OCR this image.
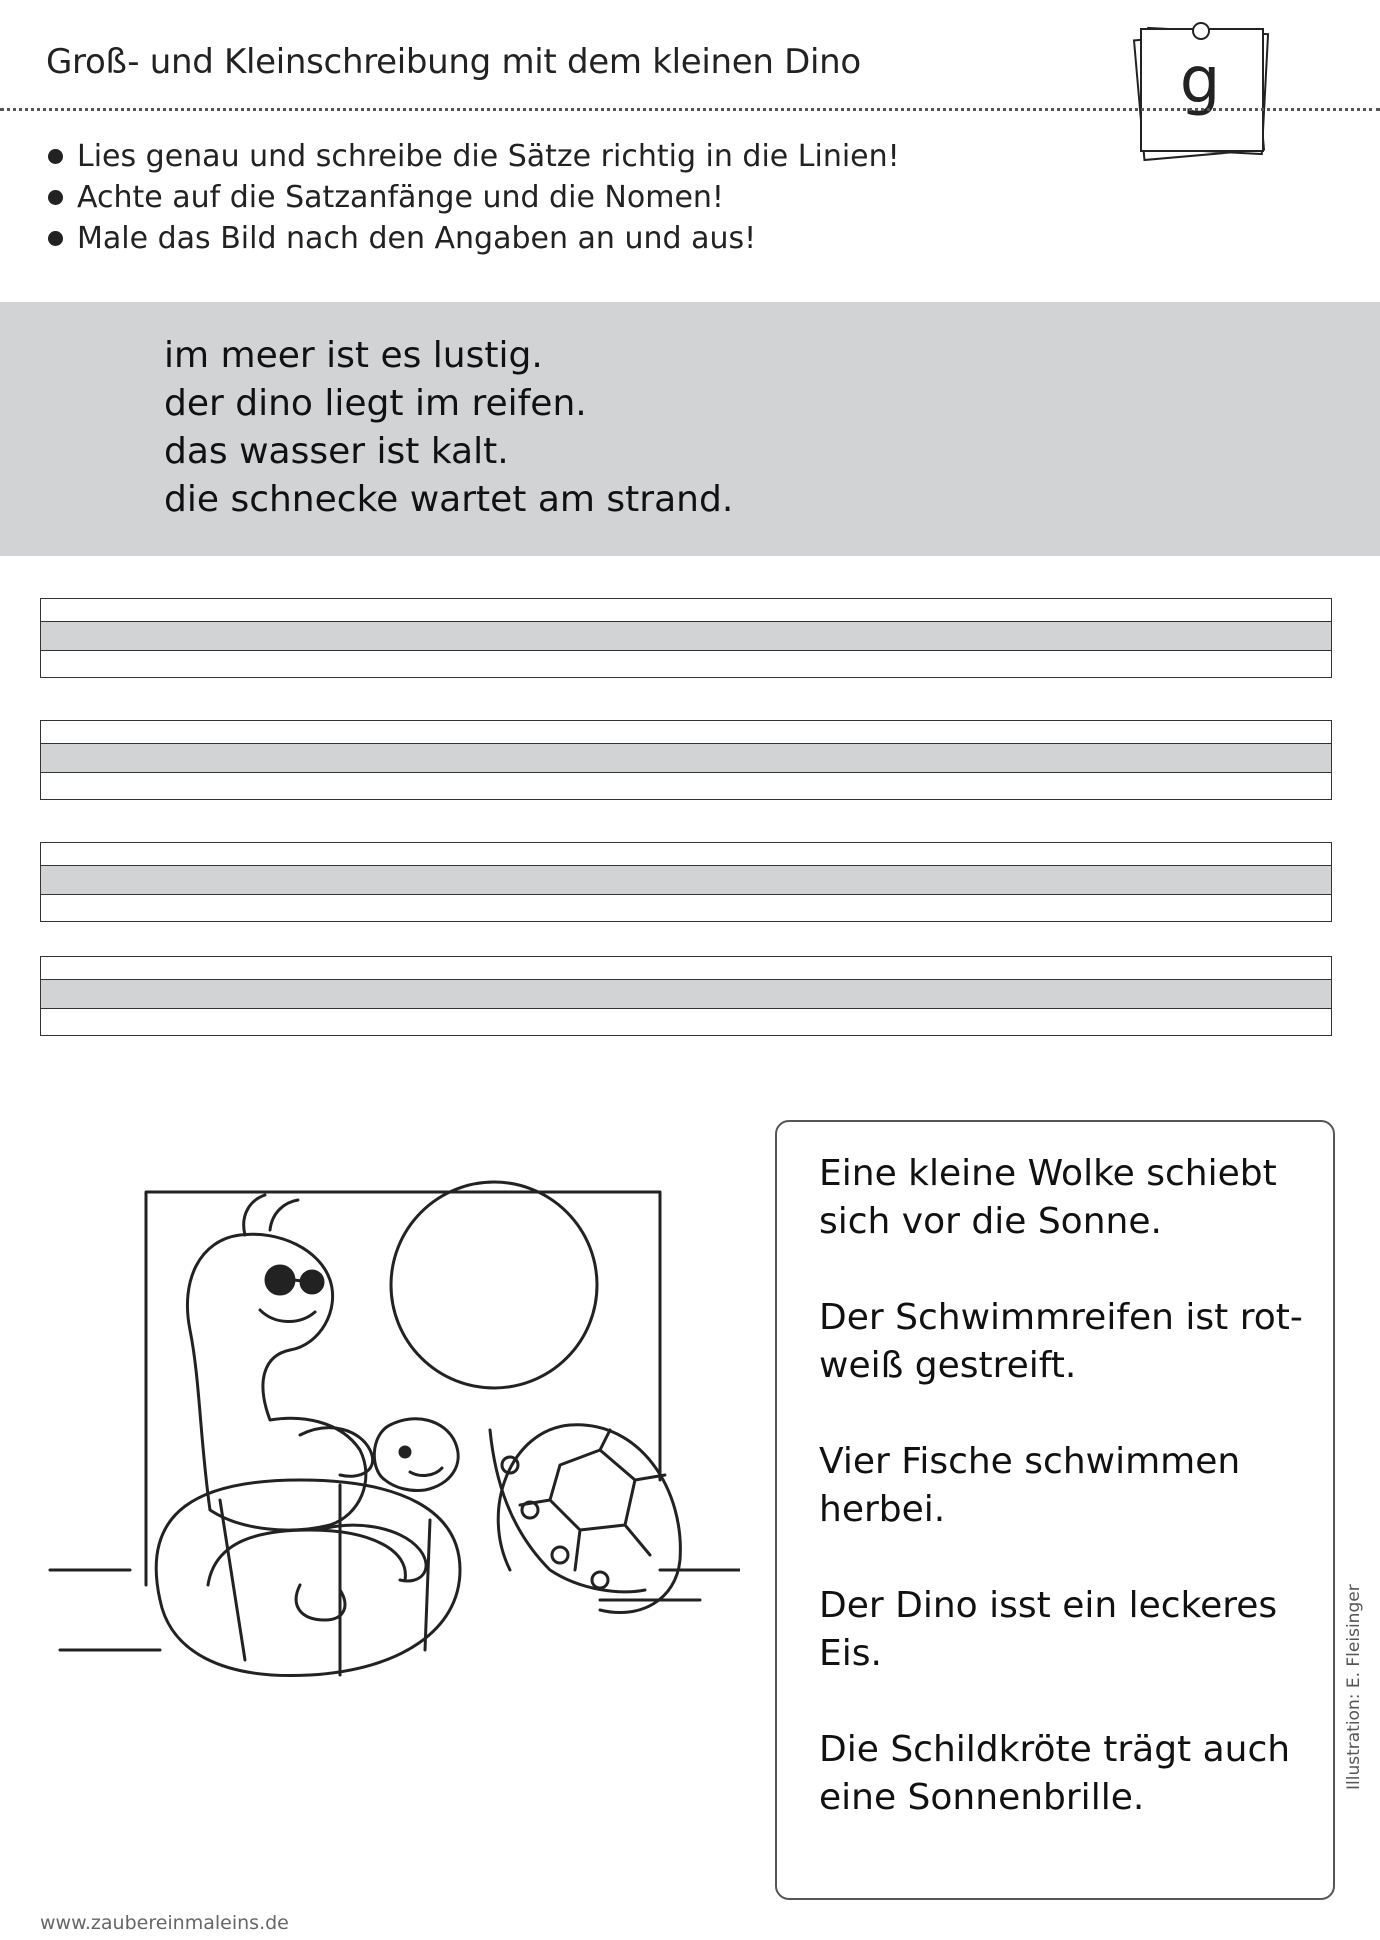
Groß- und Kleinschreibung mit dem kleinen Dino	g
Lies genau und schreibe die Sätze richtig in die Linien!
Achte auf die Satzanfänge und die Nomen!
Male das Bild nach den Angaben an und aus!
im meer ist es lustig.
der dino liegt im reifen.
das wasser ist kalt.
die schnecke wartet am strand.
Eine kleine Wolke schiebt sich vor die Sonne.
Der Schwimmreifen ist rot-weiß gestreift.
Vier Fische schwimmen herbei.
Der Dino isst ein leckeres Eis.
Die Schildkröte trägt auch eine Sonnenbrille.
Illustration: E. Fleisinger
www.zaubereinmaleins.de
